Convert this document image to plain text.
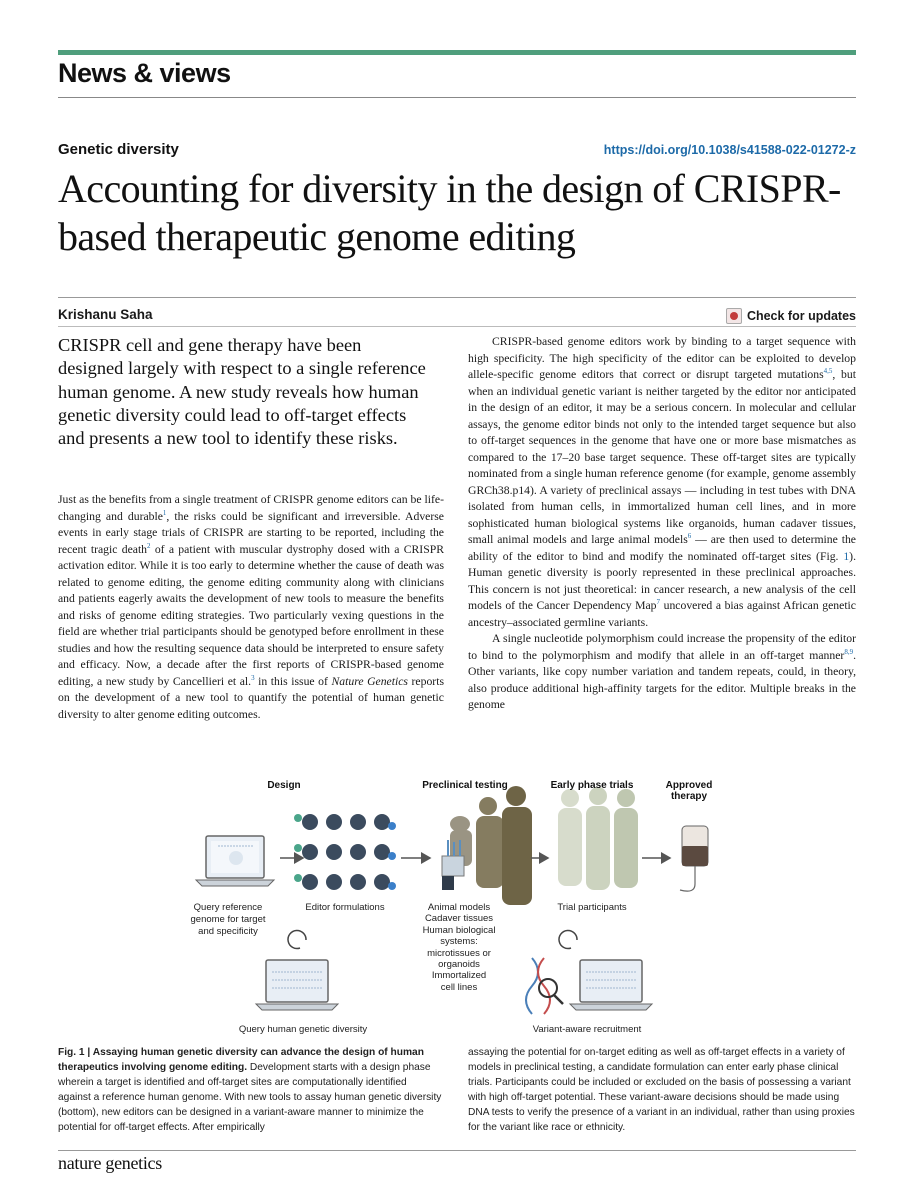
News & views
Genetic diversity	https://doi.org/10.1038/s41588-022-01272-z
Accounting for diversity in the design of CRISPR-based therapeutic genome editing
Krishanu Saha	Check for updates
CRISPR cell and gene therapy have been designed largely with respect to a single reference human genome. A new study reveals how human genetic diversity could lead to off-target effects and presents a new tool to identify these risks.

Just as the benefits from a single treatment of CRISPR genome editors can be life-changing and durable$^1$, the risks could be significant and irreversible. Adverse events in early stage trials of CRISPR are starting to be reported, including the recent tragic death$^2$ of a patient with muscular dystrophy dosed with a CRISPR activation editor. While it is too early to determine whether the cause of death was related to genome editing, the genome editing community along with clinicians and patients eagerly awaits the development of new tools to measure the benefits and risks of genome editing strategies. Two particularly vexing questions in the field are whether trial participants should be genotyped before enrollment in these studies and how the resulting sequence data should be interpreted to ensure safety and efficacy. Now, a decade after the first reports of CRISPR-based genome editing, a new study by Cancellieri et al.$^3$ in this issue of Nature Genetics reports on the development of a new tool to quantify the potential of human genetic diversity to alter genome editing outcomes.

CRISPR-based genome editors work by binding to a target sequence with high specificity. The high specificity of the editor can be exploited to develop allele-specific genome editors that correct or disrupt targeted mutations$^{4,5}$, but when an individual genetic variant is neither targeted by the editor nor anticipated in the design of an editor, it may be a serious concern. In molecular and cellular assays, the genome editor binds not only to the intended target sequence but also to off-target sequences in the genome that have one or more base mismatches as compared to the 17–20 base target sequence. These off-target sites are typically nominated from a single human reference genome (for example, genome assembly GRCh38.p14). A variety of preclinical assays — including in test tubes with DNA isolated from human cells, in immortalized human cell lines, and in more sophisticated human biological systems like organoids, human cadaver tissues, small animal models and large animal models$^6$ — are then used to determine the ability of the editor to bind and modify the nominated off-target sites (Fig. 1). Human genetic diversity is poorly represented in these preclinical approaches. This concern is not just theoretical: in cancer research, a new analysis of the cell models of the Cancer Dependency Map$^7$ uncovered a bias against African genetic ancestry–associated germline variants.

A single nucleotide polymorphism could increase the propensity of the editor to bind to the polymorphism and modify that allele in an off-target manner$^{8,9}$. Other variants, like copy number variation and tandem repeats, could, in theory, also produce additional high-affinity targets for the editor. Multiple breaks in the genome

Design	Preclinical testing	Early phase trials	Approved
therapy
Query reference
genome for target
and specificity
Editor formulations	Animal models
Cadaver tissues
Human biological
systems:
microtissues or
organoids
Immortalized
cell lines
Trial participants
Query human genetic diversity	Variant-aware recruitment
Fig. 1 | Assaying human genetic diversity can advance the design of human therapeutics involving genome editing. Development starts with a design phase wherein a target is identified and off-target sites are computationally identified against a reference human genome. With new tools to assay human genetic diversity (bottom), new editors can be designed in a variant-aware manner to minimize the potential for off-target effects. After empirically
assaying the potential for on-target editing as well as off-target effects in a variety of models in preclinical testing, a candidate formulation can enter early phase clinical trials. Participants could be included or excluded on the basis of possessing a variant with high off-target potential. These variant-aware decisions should be made using DNA tests to verify the presence of a variant in an individual, rather than using proxies for the variant like race or ethnicity.
nature genetics
